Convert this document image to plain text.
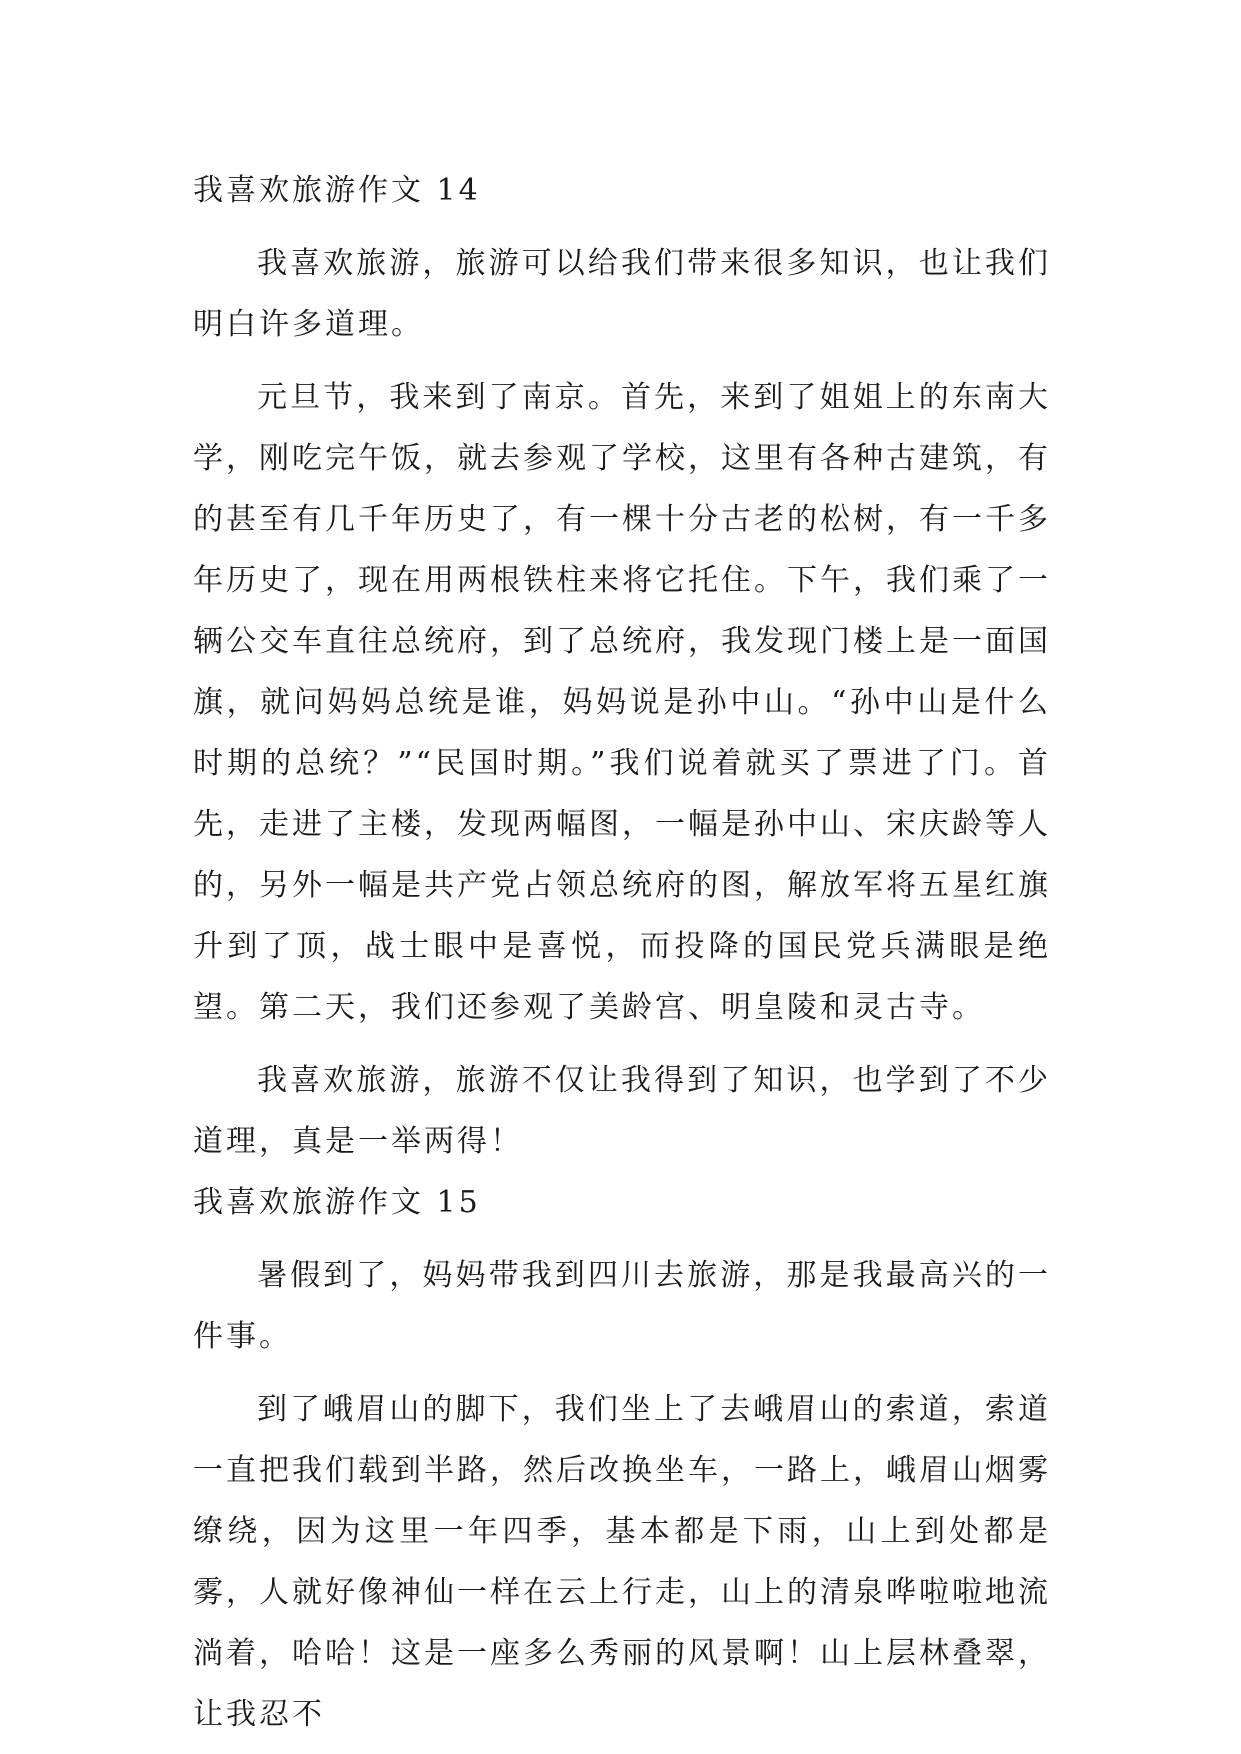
我喜欢旅游作文 14

我喜欢旅游，旅游可以给我们带来很多知识，也让我们明白许多道理。

元旦节，我来到了南京。首先，来到了姐姐上的东南大学，刚吃完午饭，就去参观了学校，这里有各种古建筑，有的甚至有几千年历史了，有一棵十分古老的松树，有一千多年历史了，现在用两根铁柱来将它托住。下午，我们乘了一辆公交车直往总统府，到了总统府，我发现门楼上是一面国旗，就问妈妈总统是谁，妈妈说是孙中山。“孙中山是什么时期的总统？”“民国时期。”我们说着就买了票进了门。首先，走进了主楼，发现两幅图，一幅是孙中山、宋庆龄等人的，另外一幅是共产党占领总统府的图，解放军将五星红旗升到了顶，战士眼中是喜悦，而投降的国民党兵满眼是绝望。第二天，我们还参观了美龄宫、明皇陵和灵古寺。

我喜欢旅游，旅游不仅让我得到了知识，也学到了不少道理，真是一举两得！

我喜欢旅游作文 15

暑假到了，妈妈带我到四川去旅游，那是我最高兴的一件事。

到了峨眉山的脚下，我们坐上了去峨眉山的索道，索道一直把我们载到半路，然后改换坐车，一路上，峨眉山烟雾缭绕，因为这里一年四季，基本都是下雨，山上到处都是雾，人就好像神仙一样在云上行走，山上的清泉哗啦啦地流淌着，哈哈！这是一座多么秀丽的风景啊！山上层林叠翠，让我忍不
